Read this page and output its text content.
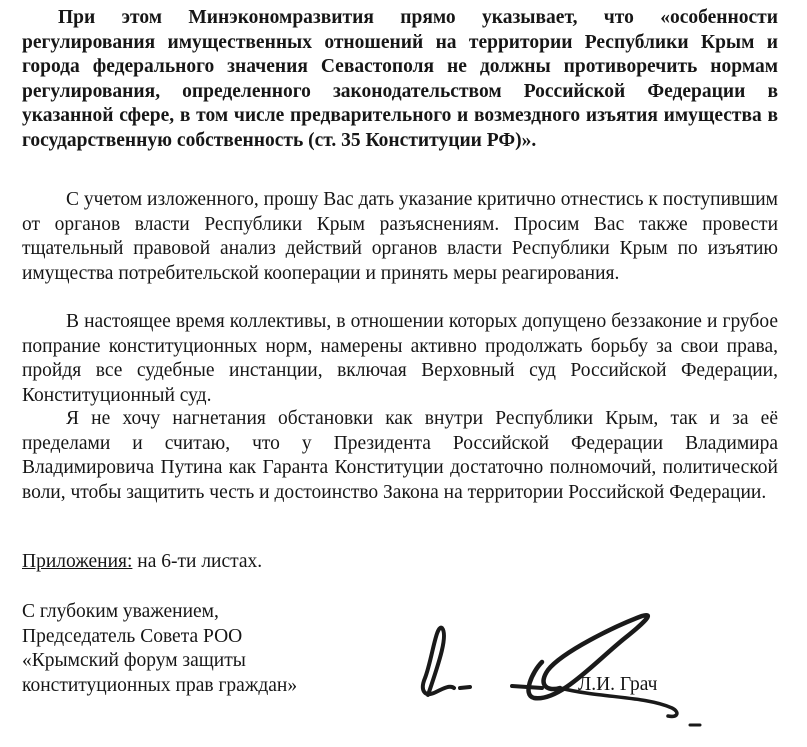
При этом Минэкономразвития прямо указывает, что «особенности регулирования имущественных отношений на территории Республики Крым и города федерального значения Севастополя не должны противоречить нормам регулирования, определенного законодательством Российской Федерации в указанной сфере, в том числе предварительного и возмездного изъятия имущества в государственную собственность (ст. 35 Конституции РФ)».

С учетом изложенного, прошу Вас дать указание критично отнестись к поступившим от органов власти Республики Крым разъяснениям. Просим Вас также провести тщательный правовой анализ действий органов власти Республики Крым по изъятию имущества потребительской кооперации и принять меры реагирования.

В настоящее время коллективы, в отношении которых допущено беззаконие и грубое попрание конституционных норм, намерены активно продолжать борьбу за свои права, пройдя все судебные инстанции, включая Верховный суд Российской Федерации, Конституционный суд.

Я не хочу нагнетания обстановки как внутри Республики Крым, так и за её пределами и считаю, что у Президента Российской Федерации Владимира Владимировича Путина как Гаранта Конституции достаточно полномочий, политической воли, чтобы защитить честь и достоинство Закона на территории Российской Федерации.

Приложения: на 6-ти листах.

С глубоким уважением,
Председатель Совета РОО
«Крымский форум защиты
конституционных прав граждан»	Л.И. Грач
